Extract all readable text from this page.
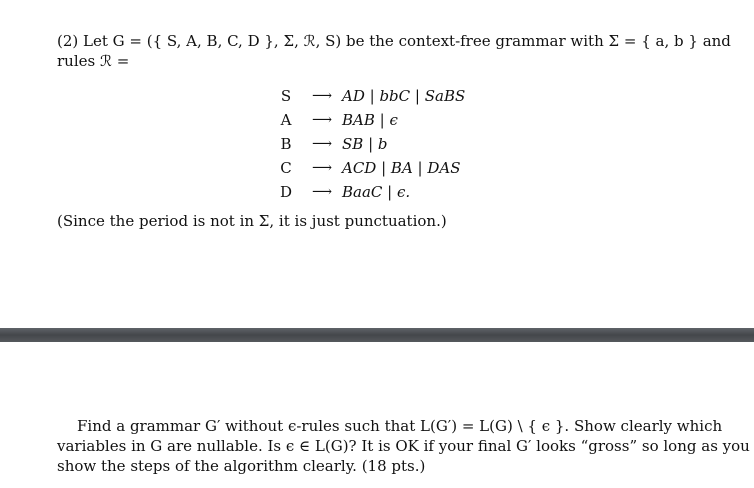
(2) Let G = ({ S, A, B, C, D }, Σ, ℛ, S) be the context-free grammar with Σ = { a, b } and
rules ℛ =
S	⟶ AD | bbC | SaBS
A	⟶ BAB | ϵ
B	⟶ SB | b
C	⟶ ACD | BA | DAS
D	⟶ BaaC | ϵ.
(Since the period is not in Σ, it is just punctuation.)
Find a grammar G′ without ϵ-rules such that L(G′) = L(G) \ { ϵ }. Show clearly which
variables in G are nullable. Is ϵ ∈ L(G)? It is OK if your final G′ looks “gross” so long as you
show the steps of the algorithm clearly. (18 pts.)
